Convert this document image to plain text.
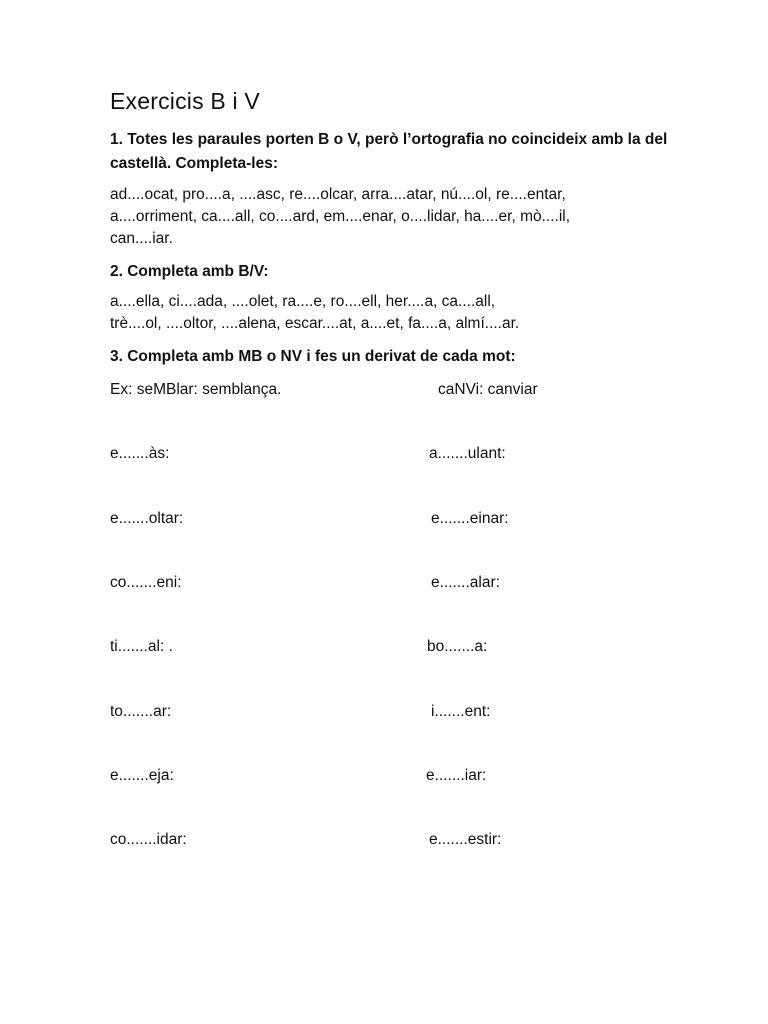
Exercicis B i V

1. Totes les paraules porten B o V, però l’ortografia no coincideix amb la del castellà. Completa-les:

ad....ocat, pro....a, ....asc, re....olcar, arra....atar, nú....ol, re....entar,
a....orriment, ca....all, co....ard, em....enar, o....lidar, ha....er, mò....il,
can....iar.

2. Completa amb B/V:

a....ella, ci....ada, ....olet, ra....e, ro....ell, her....a, ca....all,
trè....ol, ....oltor, ....alena, escar....at, a....et, fa....a, almí....ar.

3. Completa amb MB o NV i fes un derivat de cada mot:

Ex: seMBlar: semblança.	caNVi: canviar
e.......às:	a.......ulant:
e.......oltar:	e.......einar:
co.......eni:	e.......alar:
ti.......al: .	bo.......a:
to.......ar:	i.......ent:
e.......eja:	e.......iar:
co.......idar:	e.......estir:
